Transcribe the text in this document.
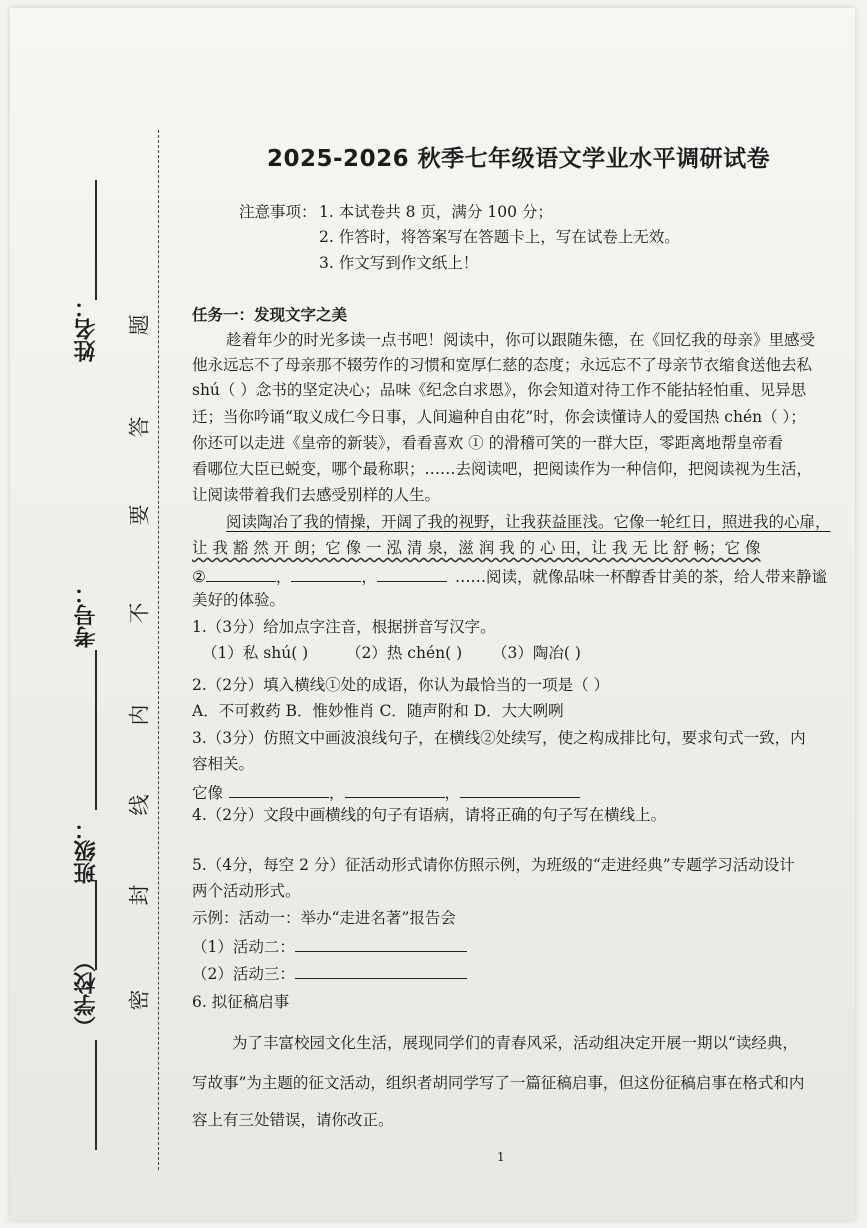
姓名：
考号：
班级：
（学校） 密
封
线
内
不
要
答
题
2025-2026 秋季七年级语文学业水平调研试卷
注意事项： 1. 本试卷共 8 页，满分 100 分；
2. 作答时，将答案写在答题卡上，写在试卷上无效。
3. 作文写到作文纸上！
任务一：发现文字之美
趁着年少的时光多读一点书吧！阅读中，你可以跟随朱德，在《回忆我的母亲》里感受
他永远忘不了母亲那不辍劳作的习惯和宽厚仁慈的态度；永远忘不了母亲节衣缩食送他去私
shú（ ）念书的坚定决心；品味《纪念白求恩》，你会知道对待工作不能拈轻怕重、见异思
迁；当你吟诵“取义成仁今日事，人间遍种自由花”时，你会读懂诗人的爱国热 chén（ ）；
你还可以走进《皇帝的新装》，看看喜欢 ① 的滑稽可笑的一群大臣，零距离地帮皇帝看
看哪位大臣已蜕变，哪个最称职；……去阅读吧，把阅读作为一种信仰，把阅读视为生活，
让阅读带着我们去感受别样的人生。
阅读陶冶了我的情操，开阔了我的视野，让我获益匪浅。它像一轮红日，照进我的心扉，
让 我 豁 然 开 朗；它 像 一 泓 清 泉，滋 润 我 的 心 田，让 我 无 比 舒 畅；它 像
②	，	，	……阅读，就像品味一杯醇香甘美的茶，给人带来静谧
美好的体验。
1.（3分）给加点字注音，根据拼音写汉字。
（1）私 shú( ) （2）热 chén( ) （3）陶冶( )
2.（2分）填入横线①处的成语，你认为最恰当的一项是（ ）
A．不可救药 B．惟妙惟肖 C．随声附和 D．大大咧咧
3.（3分）仿照文中画波浪线句子，在横线②处续写，使之构成排比句，要求句式一致，内
容相关。
它像	，	，
4.（2分）文段中画横线的句子有语病，请将正确的句子写在横线上。
5.（4分，每空 2 分）征活动形式请你仿照示例，为班级的“走进经典”专题学习活动设计
两个活动形式。
示例：活动一：举办“走进名著”报告会
（1）活动二：
（2）活动三：
6. 拟征稿启事
为了丰富校园文化生活，展现同学们的青春风采，活动组决定开展一期以“读经典，
写故事”为主题的征文活动，组织者胡同学写了一篇征稿启事，但这份征稿启事在格式和内
容上有三处错误，请你改正。
1
